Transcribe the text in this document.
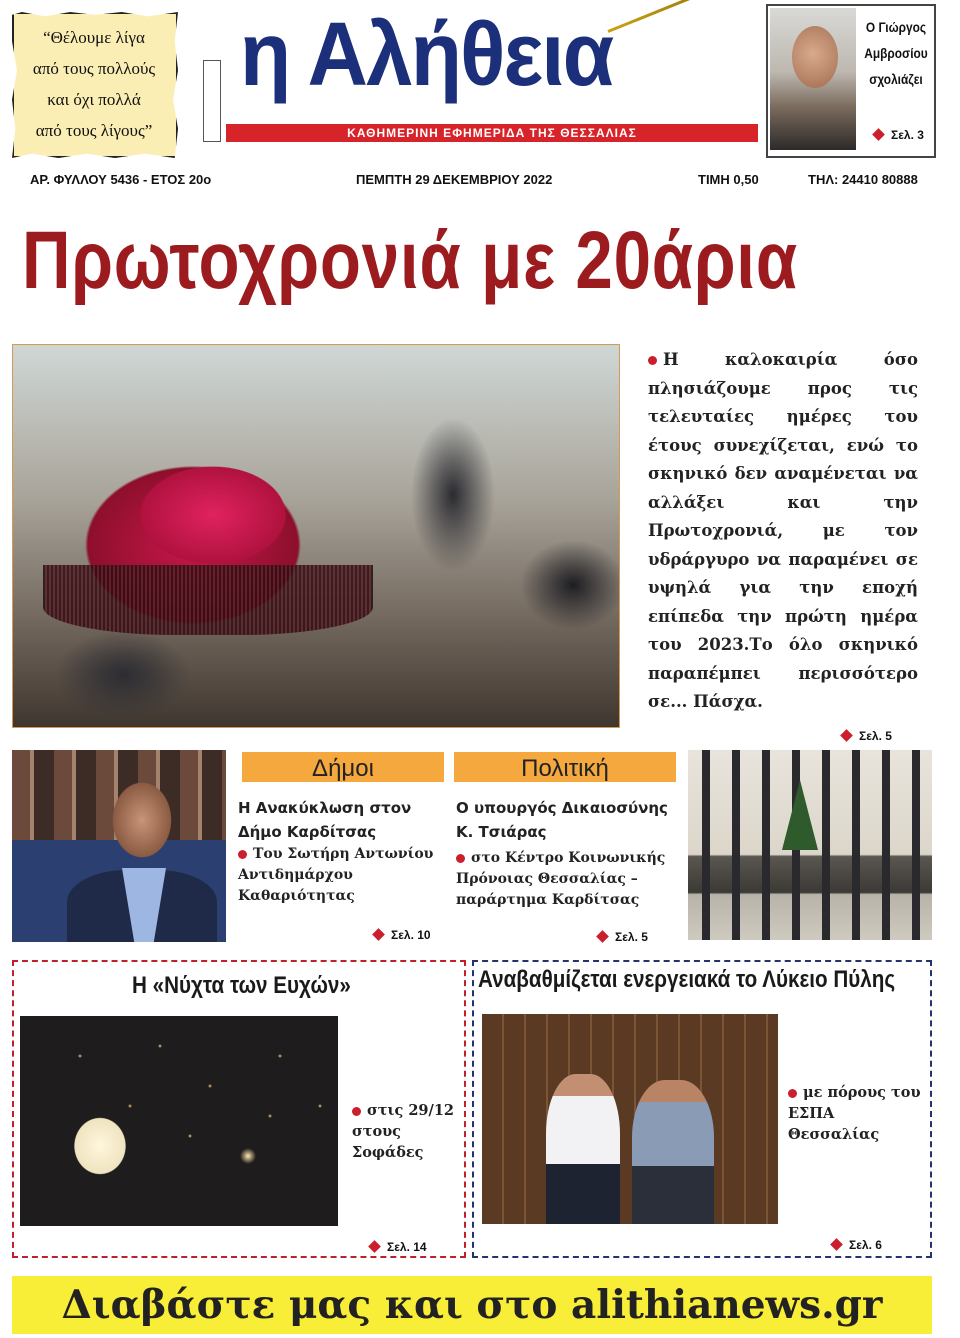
“Θέλουμε λίγα
από τους πολλούς
και όχι πολλά
από τους λίγους”
η Αλήθεια
ΚΑΘΗΜΕΡΙΝΗ ΕΦΗΜΕΡΙΔΑ ΤΗΣ ΘΕΣΣΑΛΙΑΣ
Ο Γιώργος
Αμβροσίου
σχολιάζει
Σελ. 3
ΑΡ. ΦΥΛΛΟΥ 5436 - ΕΤΟΣ 20ο	ΠΕΜΠΤΗ 29 ΔΕΚΕΜΒΡΙΟΥ 2022	ΤΙΜΗ 0,50	ΤΗΛ: 24410 80888
Πρωτοχρονιά με 20άρια
Η καλοκαιρία όσο πλησιάζουμε προς τις τελευταίες ημέρες του έτους συνεχίζεται, ενώ το σκηνικό δεν αναμένεται να αλλάξει και την Πρωτοχρονιά, με τον υδράργυρο να παραμένει σε υψηλά για την εποχή επίπεδα την πρώτη ημέρα του 2023.Το όλο σκηνικό παραπέμπει περισσότερο σε... Πάσχα.
Σελ. 5
Δήμοι
Η Ανακύκλωση στον Δήμο Καρδίτσας
Του Σωτήρη Αντωνίου Αντιδημάρχου Καθαριότητας
Σελ. 10
Πολιτική
Ο υπουργός Δικαιοσύνης Κ. Τσιάρας
στο Κέντρο Κοινωνικής Πρόνοιας Θεσσαλίας – παράρτημα Καρδίτσας
Σελ. 5
Η «Νύχτα των Ευχών»
στις 29/12 στους Σοφάδες
Σελ. 14
Αναβαθμίζεται ενεργειακά το Λύκειο Πύλης
με πόρους του ΕΣΠΑ Θεσσαλίας
Σελ. 6
Διαβάστε μας και στο alithianews.gr
